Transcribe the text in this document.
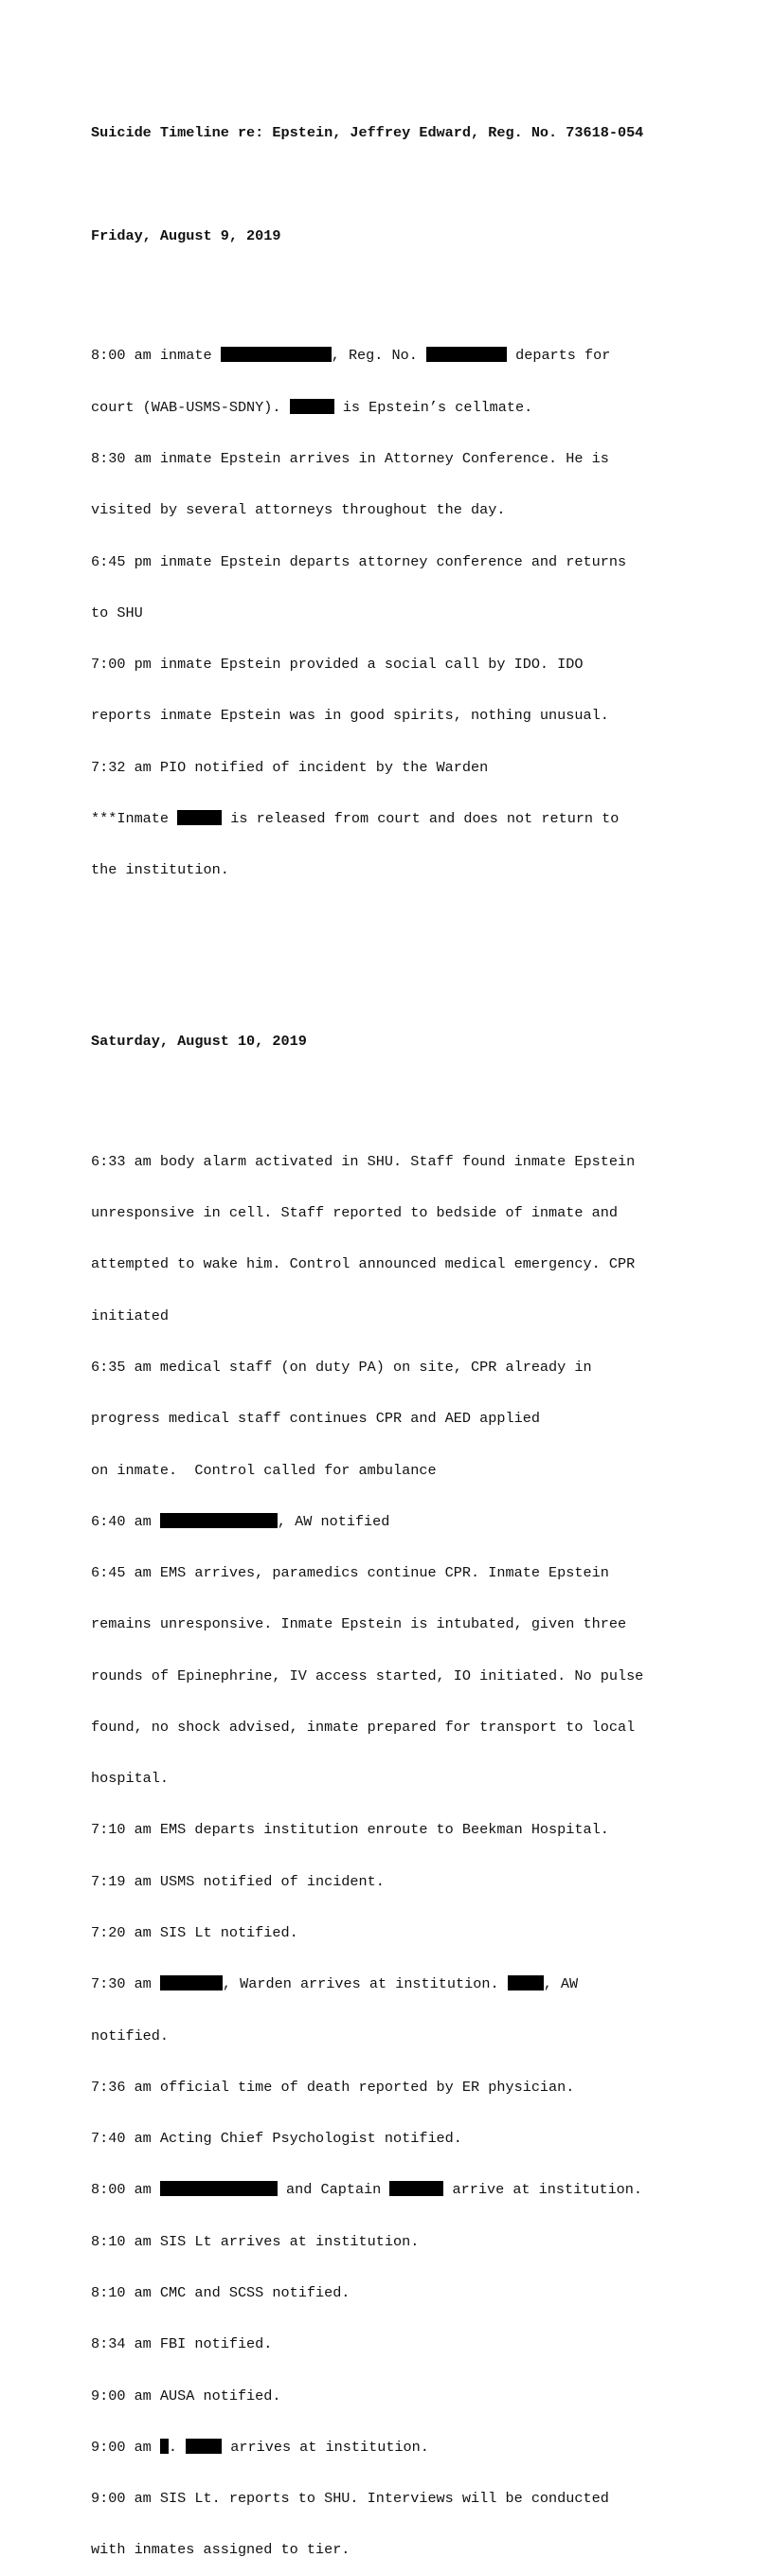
Suicide Timeline re: Epstein, Jeffrey Edward, Reg. No. 73618-054

Friday, August 9, 2019

8:00 am inmate	, Reg. No.	departs for

court (WAB-USMS-SDNY).	is Epstein’s cellmate.

8:30 am inmate Epstein arrives in Attorney Conference. He is

visited by several attorneys throughout the day.

6:45 pm inmate Epstein departs attorney conference and returns

to SHU

7:00 pm inmate Epstein provided a social call by IDO. IDO

reports inmate Epstein was in good spirits, nothing unusual.

7:32 am PIO notified of incident by the Warden

***Inmate	is released from court and does not return to

the institution.

Saturday, August 10, 2019

6:33 am body alarm activated in SHU. Staff found inmate Epstein

unresponsive in cell. Staff reported to bedside of inmate and

attempted to wake him. Control announced medical emergency. CPR

initiated

6:35 am medical staff (on duty PA) on site, CPR already in

progress medical staff continues CPR and AED applied

on inmate.  Control called for ambulance

6:40 am	, AW notified

6:45 am EMS arrives, paramedics continue CPR. Inmate Epstein

remains unresponsive. Inmate Epstein is intubated, given three

rounds of Epinephrine, IV access started, IO initiated. No pulse

found, no shock advised, inmate prepared for transport to local

hospital.

7:10 am EMS departs institution enroute to Beekman Hospital.

7:19 am USMS notified of incident.

7:20 am SIS Lt notified.

7:30 am	, Warden arrives at institution.	, AW

notified.

7:36 am official time of death reported by ER physician.

7:40 am Acting Chief Psychologist notified.

8:00 am	and Captain	arrive at institution.

8:10 am SIS Lt arrives at institution.

8:10 am CMC and SCSS notified.

8:34 am FBI notified.

9:00 am AUSA notified.

9:00 am .	arrives at institution.

9:00 am SIS Lt. reports to SHU. Interviews will be conducted

with inmates assigned to tier.
